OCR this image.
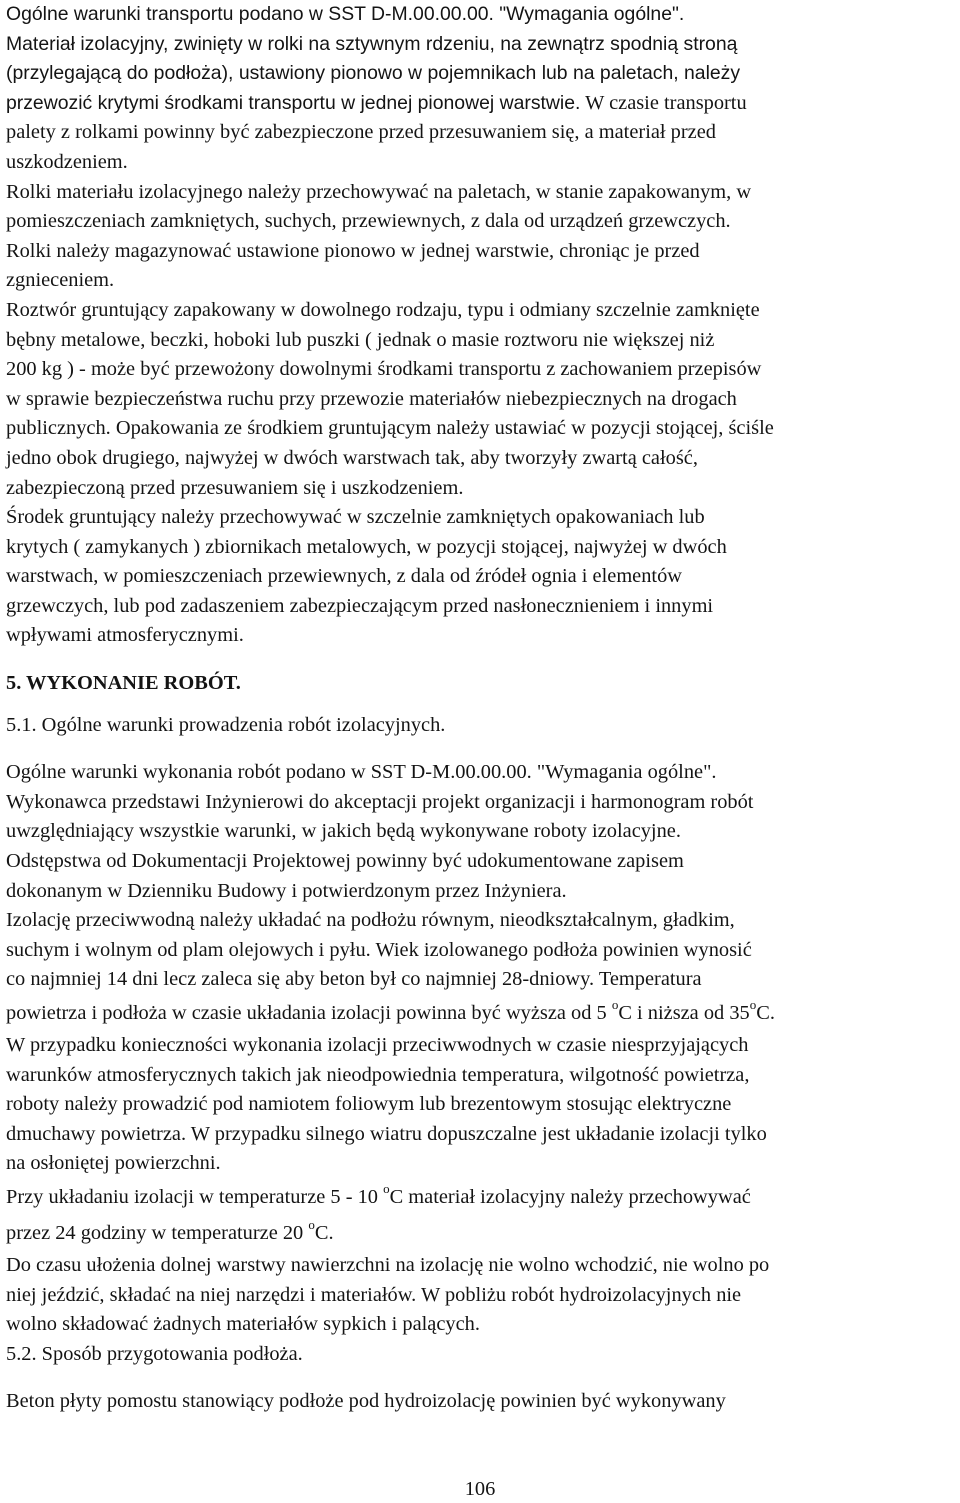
Ogólne warunki transportu podano w SST D-M.00.00.00. "Wymagania ogólne".
Materiał izolacyjny, zwinięty w rolki na sztywnym rdzeniu, na zewnątrz spodnią stroną
(przylegającą do podłoża), ustawiony pionowo w pojemnikach lub na paletach, należy
przewozić krytymi środkami transportu w jednej pionowej warstwie. W czasie transportu
palety z rolkami powinny być zabezpieczone przed przesuwaniem się, a materiał przed
uszkodzeniem.
Rolki materiału izolacyjnego należy przechowywać na paletach, w stanie zapakowanym, w
pomieszczeniach zamkniętych, suchych, przewiewnych, z dala od urządzeń grzewczych.
Rolki należy magazynować ustawione pionowo w jednej warstwie, chroniąc je przed
zgnieceniem.
Roztwór gruntujący zapakowany w dowolnego rodzaju, typu i odmiany szczelnie zamknięte
bębny metalowe, beczki, hoboki lub puszki ( jednak o masie roztworu nie większej niż
200 kg ) - może być przewożony dowolnymi środkami transportu z zachowaniem przepisów
w sprawie bezpieczeństwa ruchu przy przewozie materiałów niebezpiecznych na drogach
publicznych. Opakowania ze środkiem gruntującym należy ustawiać w pozycji stojącej, ściśle
jedno obok drugiego, najwyżej w dwóch warstwach tak, aby tworzyły zwartą całość,
zabezpieczoną przed przesuwaniem się i uszkodzeniem.
Środek gruntujący należy przechowywać w szczelnie zamkniętych opakowaniach lub
krytych ( zamykanych ) zbiornikach metalowych, w pozycji stojącej, najwyżej w dwóch
warstwach, w pomieszczeniach przewiewnych, z dala od źródeł ognia i elementów
grzewczych, lub pod zadaszeniem zabezpieczającym przed nasłonecznieniem i innymi
wpływami atmosferycznymi.
5. WYKONANIE ROBÓT.
5.1. Ogólne warunki prowadzenia robót izolacyjnych.
Ogólne warunki wykonania robót podano w SST D-M.00.00.00. "Wymagania ogólne".
Wykonawca przedstawi Inżynierowi do akceptacji projekt organizacji i harmonogram robót
uwzględniający wszystkie warunki, w jakich będą wykonywane roboty izolacyjne.
Odstępstwa od Dokumentacji Projektowej powinny być udokumentowane zapisem
dokonanym w Dzienniku Budowy i potwierdzonym przez Inżyniera.
Izolację przeciwwodną należy układać na podłożu równym, nieodkształcalnym, gładkim,
suchym i wolnym od plam olejowych i pyłu. Wiek izolowanego podłoża powinien wynosić
co najmniej 14 dni lecz zaleca się aby beton był co najmniej 28-dniowy. Temperatura
powietrza i podłoża w czasie układania izolacji powinna być wyższa od 5 $^o$C i niższa od 35$^o$C.
W przypadku konieczności wykonania izolacji przeciwwodnych w czasie niesprzyjających
warunków atmosferycznych takich jak nieodpowiednia temperatura, wilgotność powietrza,
roboty należy prowadzić pod namiotem foliowym lub brezentowym stosując elektryczne
dmuchawy powietrza. W przypadku silnego wiatru dopuszczalne jest układanie izolacji tylko
na osłoniętej powierzchni.
Przy układaniu izolacji w temperaturze 5 - 10 $^o$C materiał izolacyjny należy przechowywać
przez 24 godziny w temperaturze 20 $^o$C.
Do czasu ułożenia dolnej warstwy nawierzchni na izolację nie wolno wchodzić, nie wolno po
niej jeździć, składać na niej narzędzi i materiałów. W pobliżu robót hydroizolacyjnych nie
wolno składować żadnych materiałów sypkich i palących.
5.2. Sposób przygotowania podłoża.
Beton płyty pomostu stanowiący podłoże pod hydroizolację powinien być wykonywany
106
